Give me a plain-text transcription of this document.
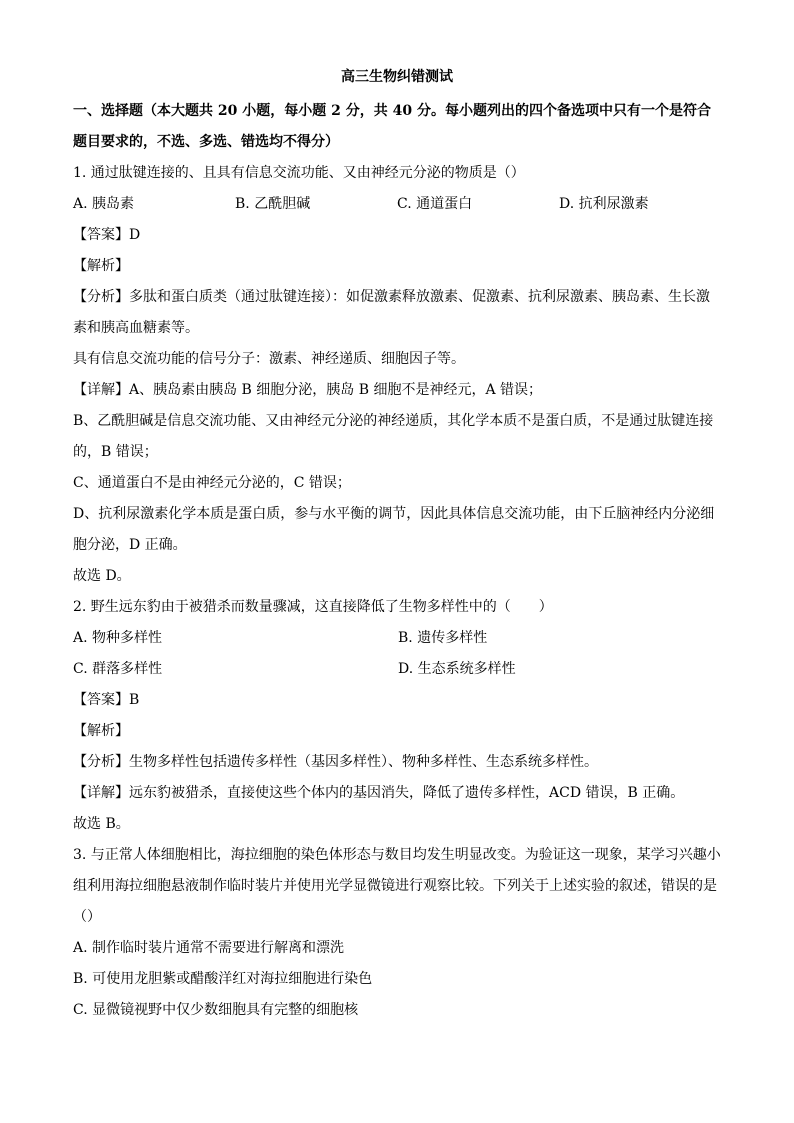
高三生物纠错测试
一、选择题（本大题共 20 小题，每小题 2 分，共 40 分。每小题列出的四个备选项中只有一个是符合题目要求的，不选、多选、错选均不得分）
1. 通过肽键连接的、且具有信息交流功能、又由神经元分泌的物质是（）
A. 胰岛素	B. 乙酰胆碱	C. 通道蛋白	D. 抗利尿激素
【答案】D
【解析】
【分析】多肽和蛋白质类（通过肽键连接）：如促激素释放激素、促激素、抗利尿激素、胰岛素、生长激素和胰高血糖素等。
具有信息交流功能的信号分子：激素、神经递质、细胞因子等。
【详解】A、胰岛素由胰岛 B 细胞分泌，胰岛 B 细胞不是神经元，A 错误；
B、乙酰胆碱是信息交流功能、又由神经元分泌的神经递质，其化学本质不是蛋白质，不是通过肽键连接的，B 错误；
C、通道蛋白不是由神经元分泌的，C 错误；
D、抗利尿激素化学本质是蛋白质，参与水平衡的调节，因此具体信息交流功能，由下丘脑神经内分泌细胞分泌，D 正确。
故选 D。
2. 野生远东豹由于被猎杀而数量骤减，这直接降低了生物多样性中的（　　）
A. 物种多样性	B. 遗传多样性
C. 群落多样性	D. 生态系统多样性
【答案】B
【解析】
【分析】生物多样性包括遗传多样性（基因多样性）、物种多样性、生态系统多样性。
【详解】远东豹被猎杀，直接使这些个体内的基因消失，降低了遗传多样性，ACD 错误，B 正确。
故选 B。
3. 与正常人体细胞相比，海拉细胞的染色体形态与数目均发生明显改变。为验证这一现象，某学习兴趣小组利用海拉细胞悬液制作临时装片并使用光学显微镜进行观察比较。下列关于上述实验的叙述，错误的是（）
A. 制作临时装片通常不需要进行解离和漂洗
B. 可使用龙胆紫或醋酸洋红对海拉细胞进行染色
C. 显微镜视野中仅少数细胞具有完整的细胞核
